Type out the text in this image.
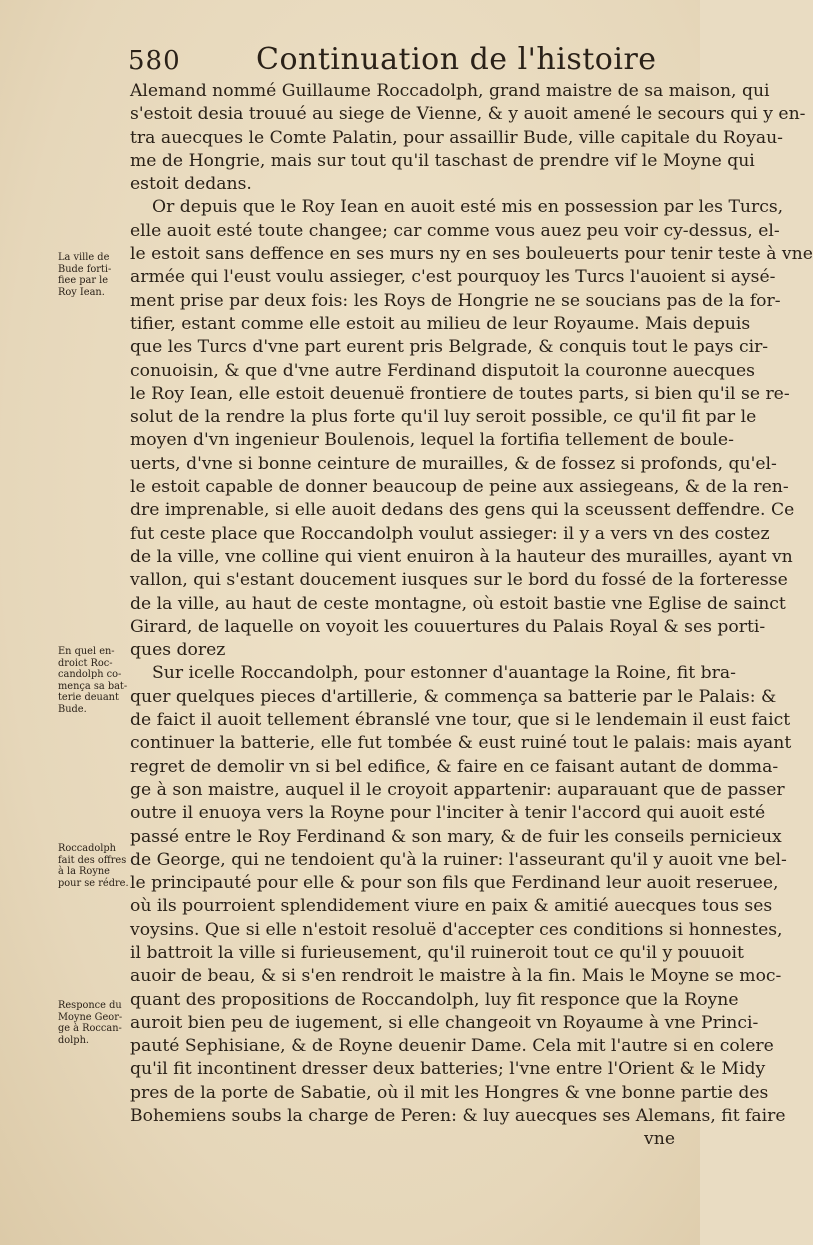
580	Continuation de l'histoire
Alemand nommé Guillaume Roccadolph, grand maistre de sa maison, qui
s'estoit desia trouué au siege de Vienne, & y auoit amené le secours qui y en-
tra auecques le Comte Palatin, pour assaillir Bude, ville capitale du Royau-
me de Hongrie, mais sur tout qu'il taschast de prendre vif le Moyne qui
estoit dedans.
Or depuis que le Roy Iean en auoit esté mis en possession par les Turcs,
elle auoit esté toute changee; car comme vous auez peu voir cy-dessus, el-
le estoit sans deffence en ses murs ny en ses bouleuerts pour tenir teste à vne
armée qui l'eust voulu assieger, c'est pourquoy les Turcs l'auoient si aysé-
ment prise par deux fois: les Roys de Hongrie ne se soucians pas de la for-
tifier, estant comme elle estoit au milieu de leur Royaume. Mais depuis
que les Turcs d'vne part eurent pris Belgrade, & conquis tout le pays cir-
conuoisin, & que d'vne autre Ferdinand disputoit la couronne auecques
le Roy Iean, elle estoit deuenuë frontiere de toutes parts, si bien qu'il se re-
solut de la rendre la plus forte qu'il luy seroit possible, ce qu'il fit par le
moyen d'vn ingenieur Boulenois, lequel la fortifia tellement de boule-
uerts, d'vne si bonne ceinture de murailles, & de fossez si profonds, qu'el-
le estoit capable de donner beaucoup de peine aux assiegeans, & de la ren-
dre imprenable, si elle auoit dedans des gens qui la sceussent deffendre. Ce
fut ceste place que Roccandolph voulut assieger: il y a vers vn des costez
de la ville, vne colline qui vient enuiron à la hauteur des murailles, ayant vn
vallon, qui s'estant doucement iusques sur le bord du fossé de la forteresse
de la ville, au haut de ceste montagne, où estoit bastie vne Eglise de sainct
Girard, de laquelle on voyoit les couuertures du Palais Royal & ses porti-
ques dorez
Sur icelle Roccandolph, pour estonner d'auantage la Roine, fit bra-
quer quelques pieces d'artillerie, & commença sa batterie par le Palais: &
de faict il auoit tellement ébranslé vne tour, que si le lendemain il eust faict
continuer la batterie, elle fut tombée & eust ruiné tout le palais: mais ayant
regret de demolir vn si bel edifice, & faire en ce faisant autant de domma-
ge à son maistre, auquel il le croyoit appartenir: auparauant que de passer
outre il enuoya vers la Royne pour l'inciter à tenir l'accord qui auoit esté
passé entre le Roy Ferdinand & son mary, & de fuir les conseils pernicieux
de George, qui ne tendoient qu'à la ruiner: l'asseurant qu'il y auoit vne bel-
le principauté pour elle & pour son fils que Ferdinand leur auoit reseruee,
où ils pourroient splendidement viure en paix & amitié auecques tous ses
voysins. Que si elle n'estoit resoluë d'accepter ces conditions si honnestes,
il battroit la ville si furieusement, qu'il ruineroit tout ce qu'il y pouuoit
auoir de beau, & si s'en rendroit le maistre à la fin. Mais le Moyne se moc-
quant des propositions de Roccandolph, luy fit responce que la Royne
auroit bien peu de iugement, si elle changeoit vn Royaume à vne Princi-
pauté Sephisiane, & de Royne deuenir Dame. Cela mit l'autre si en colere
qu'il fit incontinent dresser deux batteries; l'vne entre l'Orient & le Midy
pres de la porte de Sabatie, où il mit les Hongres & vne bonne partie des
Bohemiens soubs la charge de Peren: & luy auecques ses Alemans, fit faire
vne
La ville de
Bude forti-
fiee par le
Roy Iean.
En quel en-
droict Roc-
candolph co-
mença sa bat-
terie deuant
Bude.
Roccadolph
fait des offres
à la Royne
pour se rédre.
Responce du
Moyne Geor-
ge à Roccan-
dolph.
